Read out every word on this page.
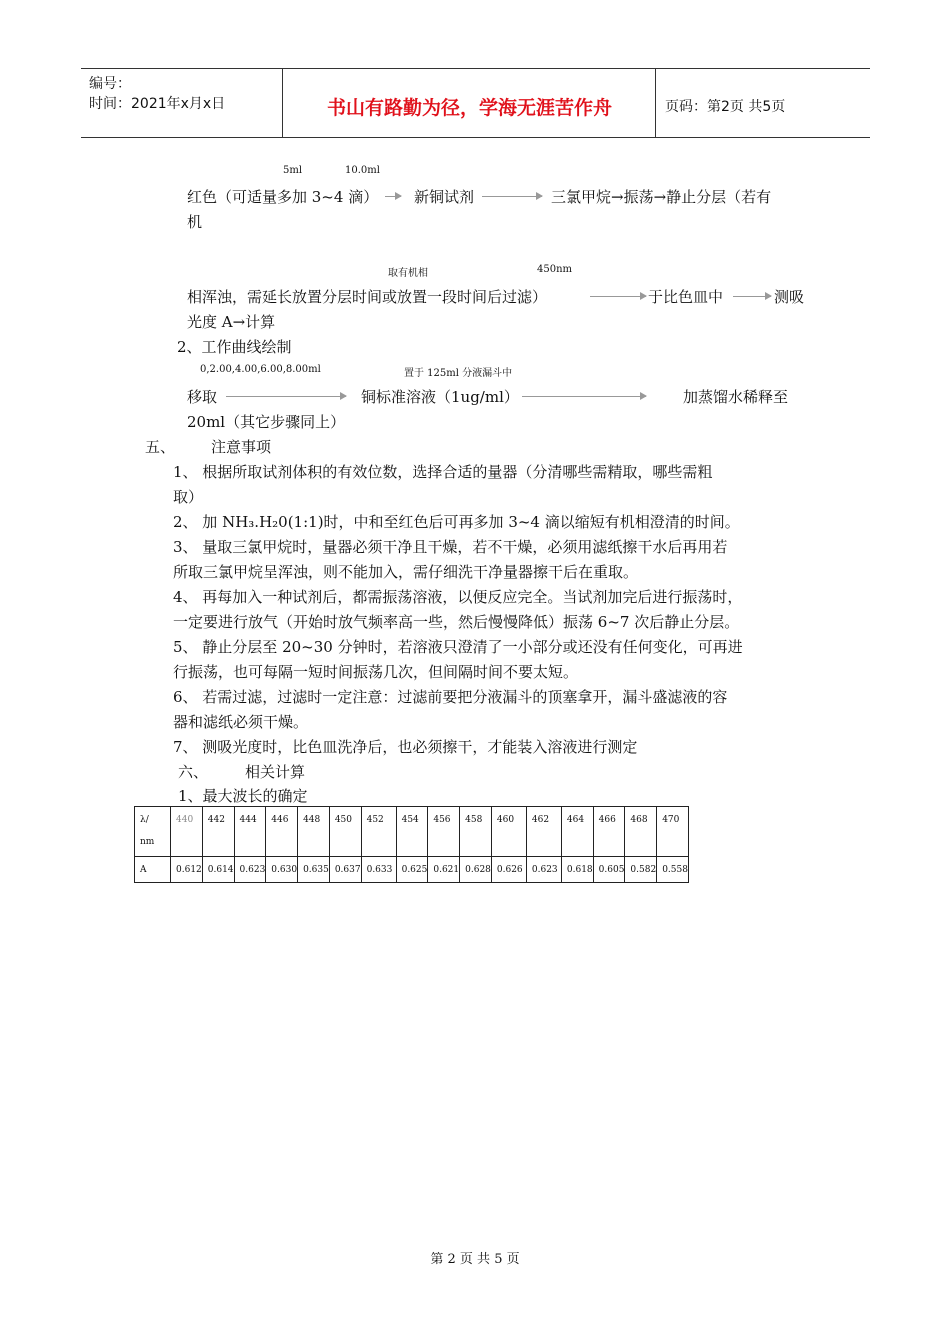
编号：
时间：2021年x月x日	书山有路勤为径，学海无涯苦作舟	页码：第2页 共5页
5ml	10.0ml
红色（可适量多加 3~4 滴） 新铜试剂	三氯甲烷→振荡→静止分层（若有
机
取有机相	450nm
相浑浊，需延长放置分层时间或放置一段时间后过滤）	于比色皿中	测吸
光度 A→计算
2、工作曲线绘制
0,2.00,4.00,6.00,8.00ml	置于 125ml 分液漏斗中
移取	铜标准溶液（1ug/ml）	加蒸馏水稀释至
20ml（其它步骤同上）
五、 注意事项
1、 根据所取试剂体积的有效位数，选择合适的量器（分清哪些需精取，哪些需粗
取）
2、 加 NH₃.H₂0(1:1)时，中和至红色后可再多加 3~4 滴以缩短有机相澄清的时间。
3、 量取三氯甲烷时，量器必须干净且干燥，若不干燥，必须用滤纸擦干水后再用若
所取三氯甲烷呈浑浊，则不能加入，需仔细洗干净量器擦干后在重取。
4、 再每加入一种试剂后，都需振荡溶液，以便反应完全。当试剂加完后进行振荡时，
一定要进行放气（开始时放气频率高一些，然后慢慢降低）振荡 6~7 次后静止分层。
5、 静止分层至 20~30 分钟时，若溶液只澄清了一小部分或还没有任何变化，可再进
行振荡，也可每隔一短时间振荡几次，但间隔时间不要太短。
6、 若需过滤，过滤时一定注意：过滤前要把分液漏斗的顶塞拿开，漏斗盛滤液的容
器和滤纸必须干燥。
7、 测吸光度时，比色皿洗净后，也必须擦干，才能装入溶液进行测定
六、 相关计算
1、最大波长的确定
λ/
nm	440	442	444	446	448	450	452	454	456	458	460	462	464	466	468	470
A	0.612	0.614	0.623	0.630	0.635	0.637	0.633	0.625	0.621	0.628	0.626	0.623	0.618	0.605	0.582	0.558
第 2 页 共 5 页
